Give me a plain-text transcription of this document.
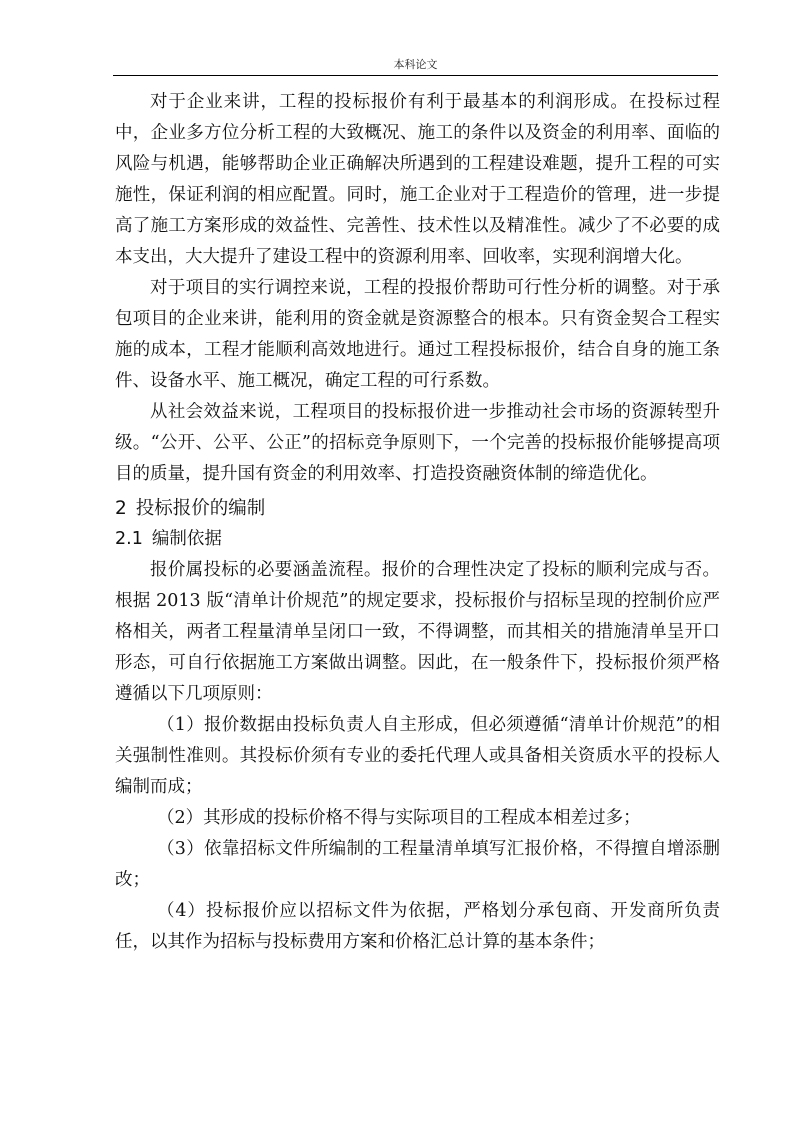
本科论文

对于企业来讲，工程的投标报价有利于最基本的利润形成。在投标过程中，企业多方位分析工程的大致概况、施工的条件以及资金的利用率、面临的风险与机遇，能够帮助企业正确解决所遇到的工程建设难题，提升工程的可实施性，保证利润的相应配置。同时，施工企业对于工程造价的管理，进一步提高了施工方案形成的效益性、完善性、技术性以及精准性。减少了不必要的成本支出，大大提升了建设工程中的资源利用率、回收率，实现利润增大化。

对于项目的实行调控来说，工程的投报价帮助可行性分析的调整。对于承包项目的企业来讲，能利用的资金就是资源整合的根本。只有资金契合工程实施的成本，工程才能顺利高效地进行。通过工程投标报价，结合自身的施工条件、设备水平、施工概况，确定工程的可行系数。

从社会效益来说，工程项目的投标报价进一步推动社会市场的资源转型升级。“公开、公平、公正”的招标竞争原则下，一个完善的投标报价能够提高项目的质量，提升国有资金的利用效率、打造投资融资体制的缔造优化。

2 投标报价的编制
2.1 编制依据

报价属投标的必要涵盖流程。报价的合理性决定了投标的顺利完成与否。根据 2013 版“清单计价规范”的规定要求，投标报价与招标呈现的控制价应严格相关，两者工程量清单呈闭口一致，不得调整，而其相关的措施清单呈开口形态，可自行依据施工方案做出调整。因此，在一般条件下，投标报价须严格遵循以下几项原则：

（1）报价数据由投标负责人自主形成，但必须遵循“清单计价规范”的相关强制性准则。其投标价须有专业的委托代理人或具备相关资质水平的投标人编制而成；

（2）其形成的投标价格不得与实际项目的工程成本相差过多；

（3）依靠招标文件所编制的工程量清单填写汇报价格，不得擅自增添删改；

（4）投标报价应以招标文件为依据，严格划分承包商、开发商所负责任，以其作为招标与投标费用方案和价格汇总计算的基本条件；
